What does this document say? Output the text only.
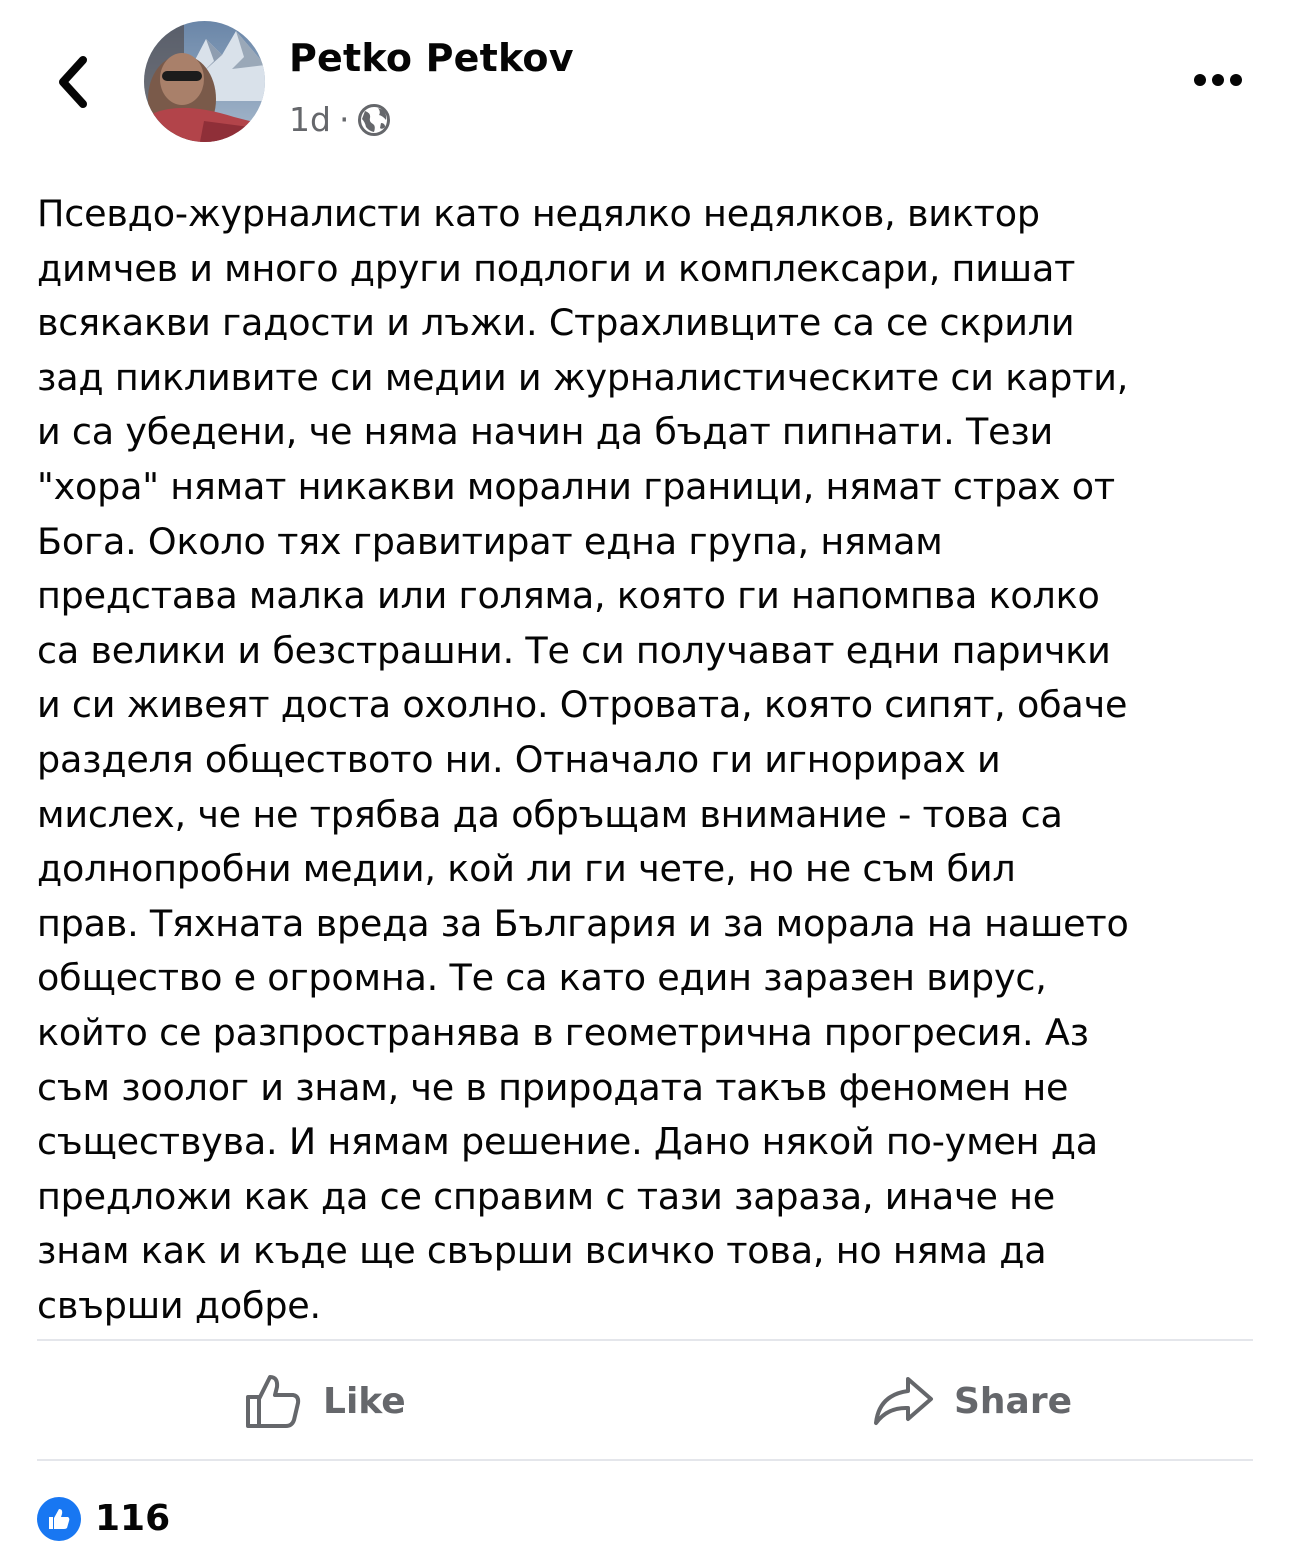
Petko Petkov
1d ·

Псевдо-журналисти като недялко недялков, виктор
димчев и много други подлоги и комплексари, пишат
всякакви гадости и лъжи. Страхливците са се скрили
зад пикливите си медии и журналистическите си карти,
и са убедени, че няма начин да бъдат пипнати. Тези
"хора" нямат никакви морални граници, нямат страх от
Бога. Около тях гравитират една група, нямам
представа малка или голяма, която ги напомпва колко
са велики и безстрашни. Те си получават едни парички
и си живеят доста охолно. Отровата, която сипят, обаче
разделя обществото ни. Отначало ги игнорирах и
мислех, че не трябва да обръщам внимание - това са
долнопробни медии, кой ли ги чете, но не съм бил
прав. Тяхната вреда за България и за морала на нашето
общество е огромна. Те са като един заразен вирус,
който се разпространява в геометрична прогресия. Аз
съм зоолог и знам, че в природата такъв феномен не
съществува. И нямам решение. Дано някой по-умен да
предложи как да се справим с тази зараза, иначе не
знам как и къде ще свърши всичко това, но няма да
свърши добре.

Like	Share
116
